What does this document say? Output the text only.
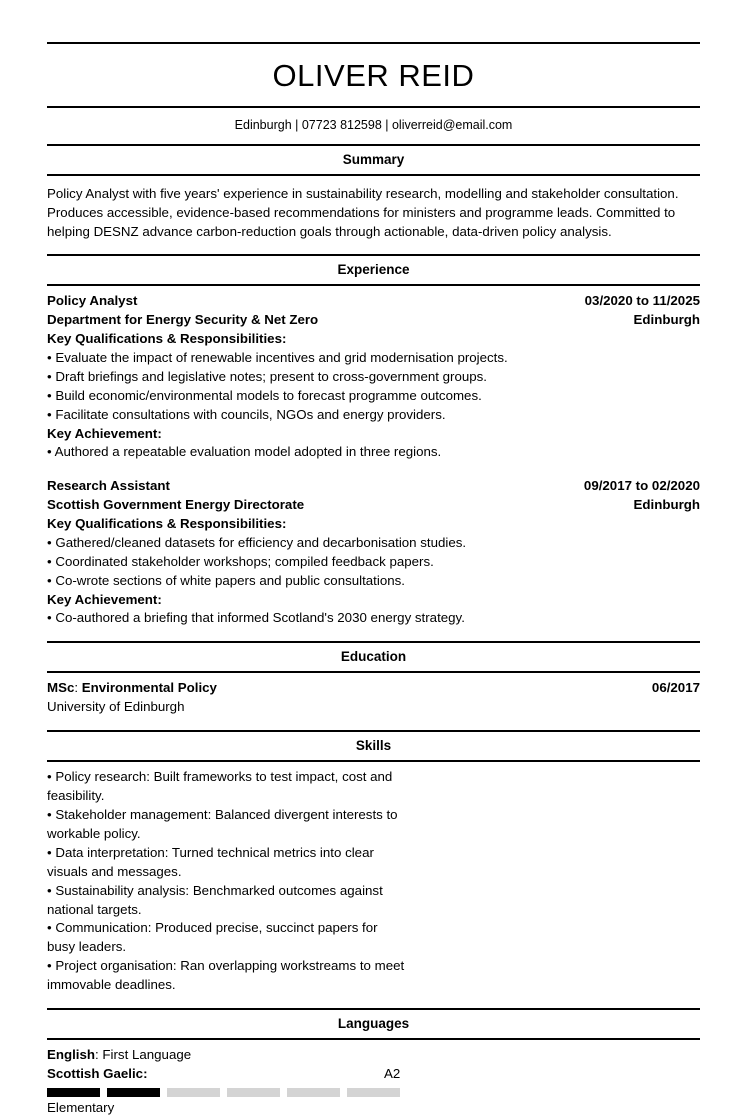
OLIVER REID
Edinburgh | 07723 812598 | oliverreid@email.com
Summary
Policy Analyst with five years' experience in sustainability research, modelling and stakeholder consultation. Produces accessible, evidence-based recommendations for ministers and programme leads. Committed to helping DESNZ advance carbon-reduction goals through actionable, data-driven policy analysis.
Experience
Policy Analyst	03/2020 to 11/2025
Department for Energy Security & Net Zero	Edinburgh
Key Qualifications & Responsibilities:
• Evaluate the impact of renewable incentives and grid modernisation projects.
• Draft briefings and legislative notes; present to cross-government groups.
• Build economic/environmental models to forecast programme outcomes.
• Facilitate consultations with councils, NGOs and energy providers.
Key Achievement:
• Authored a repeatable evaluation model adopted in three regions.
Research Assistant	09/2017 to 02/2020
Scottish Government Energy Directorate	Edinburgh
Key Qualifications & Responsibilities:
• Gathered/cleaned datasets for efficiency and decarbonisation studies.
• Coordinated stakeholder workshops; compiled feedback papers.
• Co-wrote sections of white papers and public consultations.
Key Achievement:
• Co-authored a briefing that informed Scotland's 2030 energy strategy.
Education
MSc: Environmental Policy	06/2017
University of Edinburgh
Skills
• Policy research: Built frameworks to test impact, cost and feasibility.
• Stakeholder management: Balanced divergent interests to workable policy.
• Data interpretation: Turned technical metrics into clear visuals and messages.
• Sustainability analysis: Benchmarked outcomes against national targets.
• Communication: Produced precise, succinct papers for busy leaders.
• Project organisation: Ran overlapping workstreams to meet immovable deadlines.
Languages
English: First Language
Scottish Gaelic :	A2
Elementary
